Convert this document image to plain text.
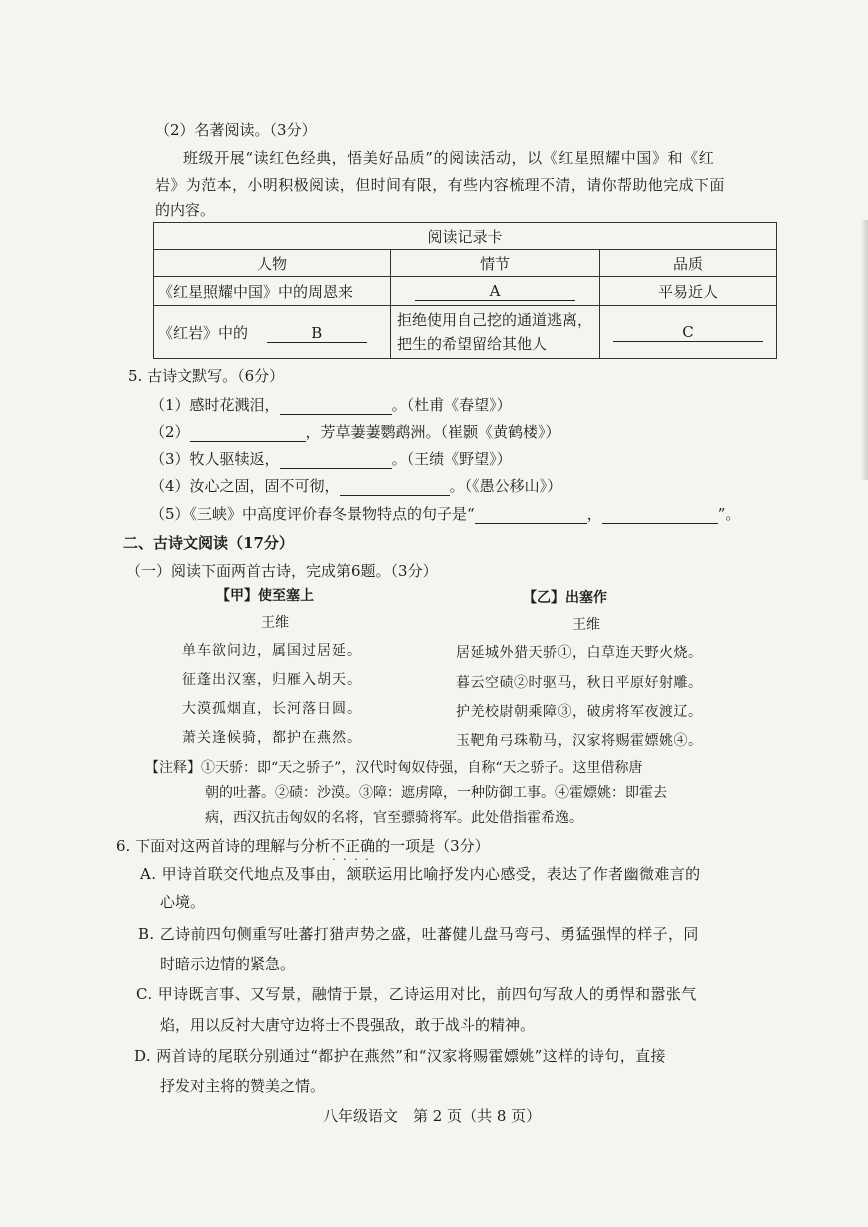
（2）名著阅读。（3分）
班级开展“读红色经典，悟美好品质”的阅读活动，以《红星照耀中国》和《红
岩》为范本，小明积极阅读，但时间有限，有些内容梳理不清，请你帮助他完成下面
的内容。
阅读记录卡		
人物	情节	品质
《红星照耀中国》中的周恩来	A	平易近人
《红岩》中的 B	拒绝使用自己挖的通道逃离，把生的希望留给其他人	C
5. 古诗文默写。（6分）
（1）感时花溅泪，	。（杜甫《春望》）
（2）	，芳草萋萋鹦鹉洲。（崔颢《黄鹤楼》）
（3）牧人驱犊返，	。（王绩《野望》）
（4）汝心之固，固不可彻，	。（《愚公移山》）
（5）《三峡》中高度评价春冬景物特点的句子是“	，	”。
二、古诗文阅读（17分）
（一）阅读下面两首古诗，完成第6题。（3分）
【甲】使至塞上
王维
单车欲问边，属国过居延。
征蓬出汉塞，归雁入胡天。
大漠孤烟直，长河落日圆。
萧关逢候骑，都护在燕然。
【乙】出塞作
王维
居延城外猎天骄①，白草连天野火烧。
暮云空碛②时驱马，秋日平原好射雕。
护羌校尉朝乘障③，破虏将军夜渡辽。
玉靶角弓珠勒马，汉家将赐霍嫖姚④。
【注释】①天骄：即“天之骄子”，汉代时匈奴侍强，自称“天之骄子。这里借称唐
朝的吐蕃。②碛：沙漠。③障：遮虏障，一种防御工事。④霍嫖姚：即霍去
病，西汉抗击匈奴的名将，官至骠骑将军。此处借指霍希逸。
6. 下面对这两首诗的理解与分析不正确 · · · ·的一项是（3分）
A. 甲诗首联交代地点及事由，颔联运用比喻抒发内心感受，表达了作者幽微难言的
心境。
B. 乙诗前四句侧重写吐蕃打猎声势之盛，吐蕃健儿盘马弯弓、勇猛强悍的样子，同
时暗示边情的紧急。
C. 甲诗既言事、又写景，融情于景，乙诗运用对比，前四句写敌人的勇悍和嚣张气
焰，用以反衬大唐守边将士不畏强敌，敢于战斗的精神。
D. 两首诗的尾联分别通过“都护在燕然”和“汉家将赐霍嫖姚”这样的诗句，直接
抒发对主将的赞美之情。
八年级语文　第 2 页（共 8 页）
